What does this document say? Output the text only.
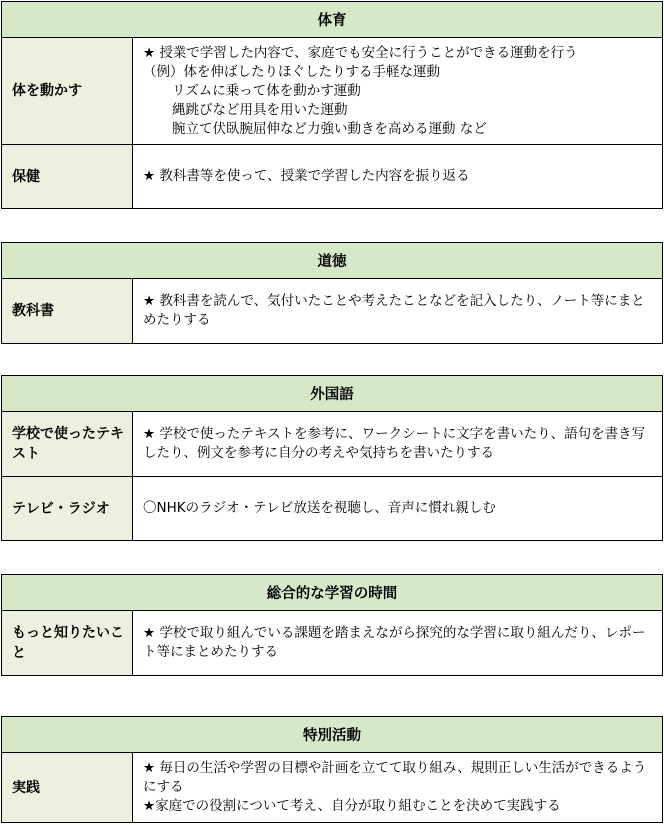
体育
体を動かす
★ 授業で学習した内容で、家庭でも安全に行うことができる運動を行う
（例）体を伸ばしたりほぐしたりする手軽な運動
リズムに乗って体を動かす運動
縄跳びなど用具を用いた運動
腕立て伏臥腕屈伸など力強い動きを高める運動 など
保健	★ 教科書等を使って、授業で学習した内容を振り返る
道徳
教科書
★ 教科書を読んで、気付いたことや考えたことなどを記入したり、ノート等にまとめたりする
外国語
学校で使ったテキスト
★ 学校で使ったテキストを参考に、ワークシートに文字を書いたり、語句を書き写したり、例文を参考に自分の考えや気持ちを書いたりする
テレビ・ラジオ	〇NHKのラジオ・テレビ放送を視聴し、音声に慣れ親しむ
総合的な学習の時間
もっと知りたいこと
★ 学校で取り組んでいる課題を踏まえながら探究的な学習に取り組んだり、レポート等にまとめたりする
特別活動
実践
★ 毎日の生活や学習の目標や計画を立てて取り組み、規則正しい生活ができるようにする
★家庭での役割について考え、自分が取り組むことを決めて実践する
